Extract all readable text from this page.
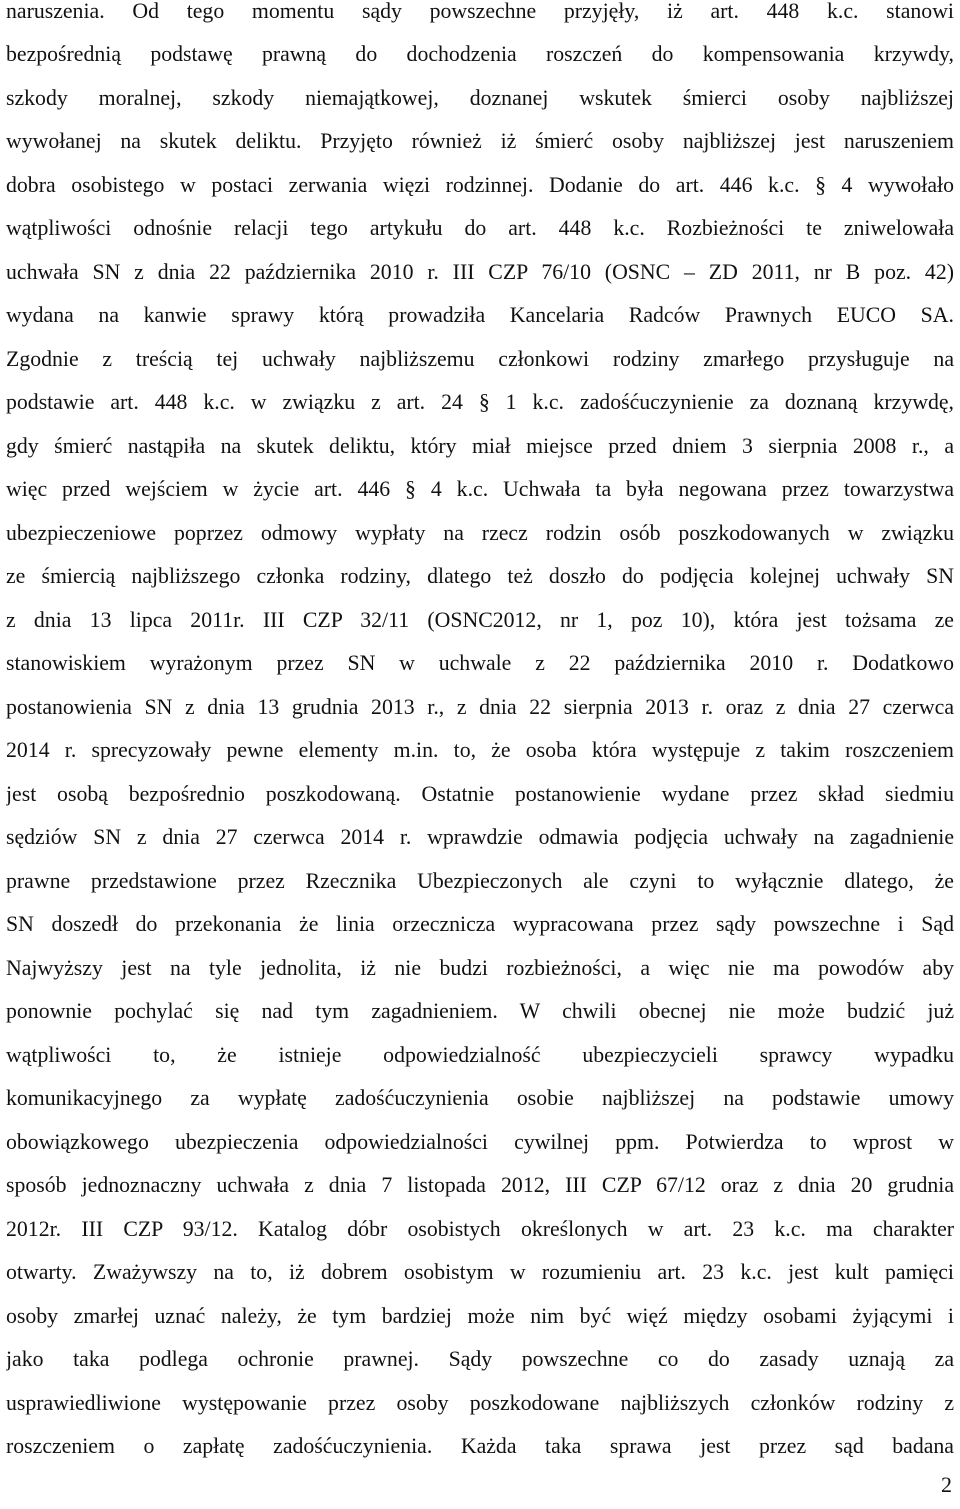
naruszenia. Od tego momentu sądy powszechne przyjęły, iż art. 448 k.c. stanowi
bezpośrednią podstawę prawną do dochodzenia roszczeń do kompensowania krzywdy,
szkody moralnej, szkody niemajątkowej, doznanej wskutek śmierci osoby najbliższej
wywołanej na skutek deliktu. Przyjęto również iż śmierć osoby najbliższej jest naruszeniem
dobra osobistego w postaci zerwania więzi rodzinnej. Dodanie do art. 446 k.c. § 4 wywołało
wątpliwości odnośnie relacji tego artykułu do art. 448 k.c. Rozbieżności te zniwelowała
uchwała SN z dnia 22 października 2010 r. III CZP 76/10 (OSNC – ZD 2011, nr B poz. 42)
wydana na kanwie sprawy którą prowadziła Kancelaria Radców Prawnych EUCO SA.
Zgodnie z treścią tej uchwały najbliższemu członkowi rodziny zmarłego przysługuje na
podstawie art. 448 k.c. w związku z art. 24 § 1 k.c. zadośćuczynienie za doznaną krzywdę,
gdy śmierć nastąpiła na skutek deliktu, który miał miejsce przed dniem 3 sierpnia 2008 r., a
więc przed wejściem w życie art. 446 § 4 k.c. Uchwała ta była negowana przez towarzystwa
ubezpieczeniowe poprzez odmowy wypłaty na rzecz rodzin osób poszkodowanych w związku
ze śmiercią najbliższego członka rodziny, dlatego też doszło do podjęcia kolejnej uchwały SN
z dnia 13 lipca 2011r. III CZP 32/11 (OSNC2012, nr 1, poz 10), która jest tożsama ze
stanowiskiem wyrażonym przez SN w uchwale z 22 października 2010 r. Dodatkowo
postanowienia SN z dnia 13 grudnia 2013 r., z dnia 22 sierpnia 2013 r. oraz z dnia 27 czerwca
2014 r. sprecyzowały pewne elementy m.in. to, że osoba która występuje z takim roszczeniem
jest osobą bezpośrednio poszkodowaną. Ostatnie postanowienie wydane przez skład siedmiu
sędziów SN z dnia 27 czerwca 2014 r. wprawdzie odmawia podjęcia uchwały na zagadnienie
prawne przedstawione przez Rzecznika Ubezpieczonych ale czyni to wyłącznie dlatego, że
SN doszedł do przekonania że linia orzecznicza wypracowana przez sądy powszechne i Sąd
Najwyższy jest na tyle jednolita, iż nie budzi rozbieżności, a więc nie ma powodów aby
ponownie pochylać się nad tym zagadnieniem. W chwili obecnej nie może budzić już
wątpliwości to, że istnieje odpowiedzialność ubezpieczycieli sprawcy wypadku
komunikacyjnego za wypłatę zadośćuczynienia osobie najbliższej na podstawie umowy
obowiązkowego ubezpieczenia odpowiedzialności cywilnej ppm. Potwierdza to wprost w
sposób jednoznaczny uchwała z dnia 7 listopada 2012, III CZP 67/12 oraz z dnia 20 grudnia
2012r. III CZP 93/12. Katalog dóbr osobistych określonych w art. 23 k.c. ma charakter
otwarty. Zważywszy na to, iż dobrem osobistym w rozumieniu art. 23 k.c. jest kult pamięci
osoby zmarłej uznać należy, że tym bardziej może nim być więź między osobami żyjącymi i
jako taka podlega ochronie prawnej. Sądy powszechne co do zasady uznają za
usprawiedliwione występowanie przez osoby poszkodowane najbliższych członków rodziny z
roszczeniem o zapłatę zadośćuczynienia. Każda taka sprawa jest przez sąd badana
2
